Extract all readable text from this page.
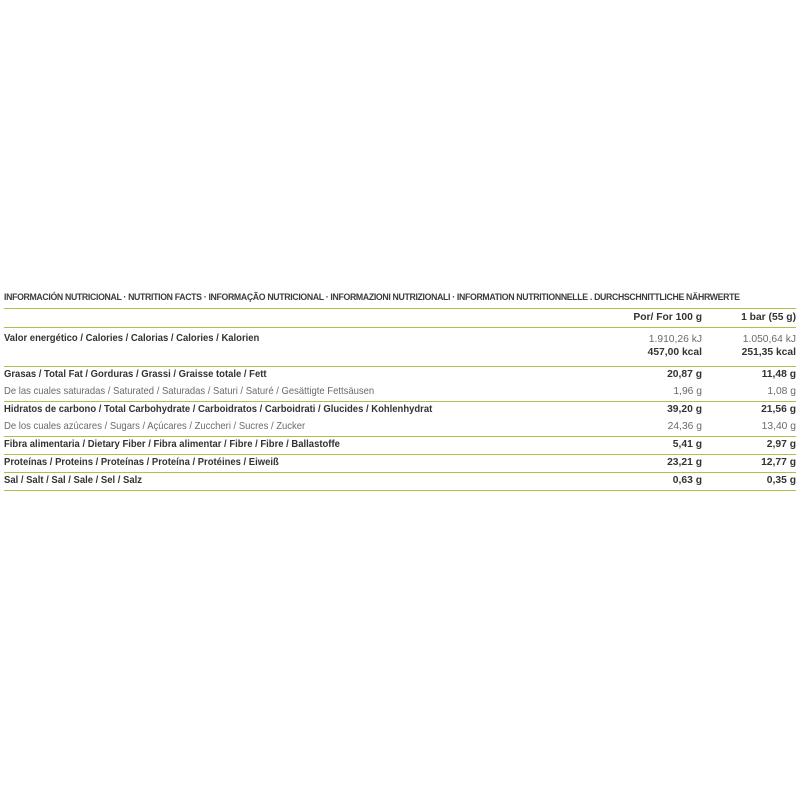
INFORMACIÓN NUTRICIONAL · NUTRITION FACTS · INFORMAÇÃO NUTRICIONAL · INFORMAZIONI NUTRIZIONALI · INFORMATION NUTRITIONNELLE . DURCHSCHNITTLICHE NÄHRWERTE
Por/ For 100 g	1 bar (55 g)
Valor energético / Calories / Calorias / Calories / Kalorien	1.910,26 kJ	1.050,64 kJ
457,00 kcal	251,35 kcal
Grasas / Total Fat / Gorduras / Grassi / Graisse totale / Fett	20,87 g	11,48 g
De las cuales saturadas / Saturated / Saturadas / Saturi / Saturé / Gesättigte Fettsäusen	1,96 g	1,08 g
Hidratos de carbono / Total Carbohydrate / Carboidratos / Carboidrati / Glucides / Kohlenhydrat	39,20 g	21,56 g
De los cuales azúcares / Sugars / Açúcares / Zuccheri / Sucres / Zucker	24,36 g	13,40 g
Fibra alimentaria / Dietary Fiber / Fibra alimentar / Fibre / Fibre / Ballastoffe	5,41 g	2,97 g
Proteínas / Proteins / Proteínas / Proteína / Protéines / Eiweiß	23,21 g	12,77 g
Sal / Salt / Sal / Sale / Sel / Salz	0,63 g	0,35 g
